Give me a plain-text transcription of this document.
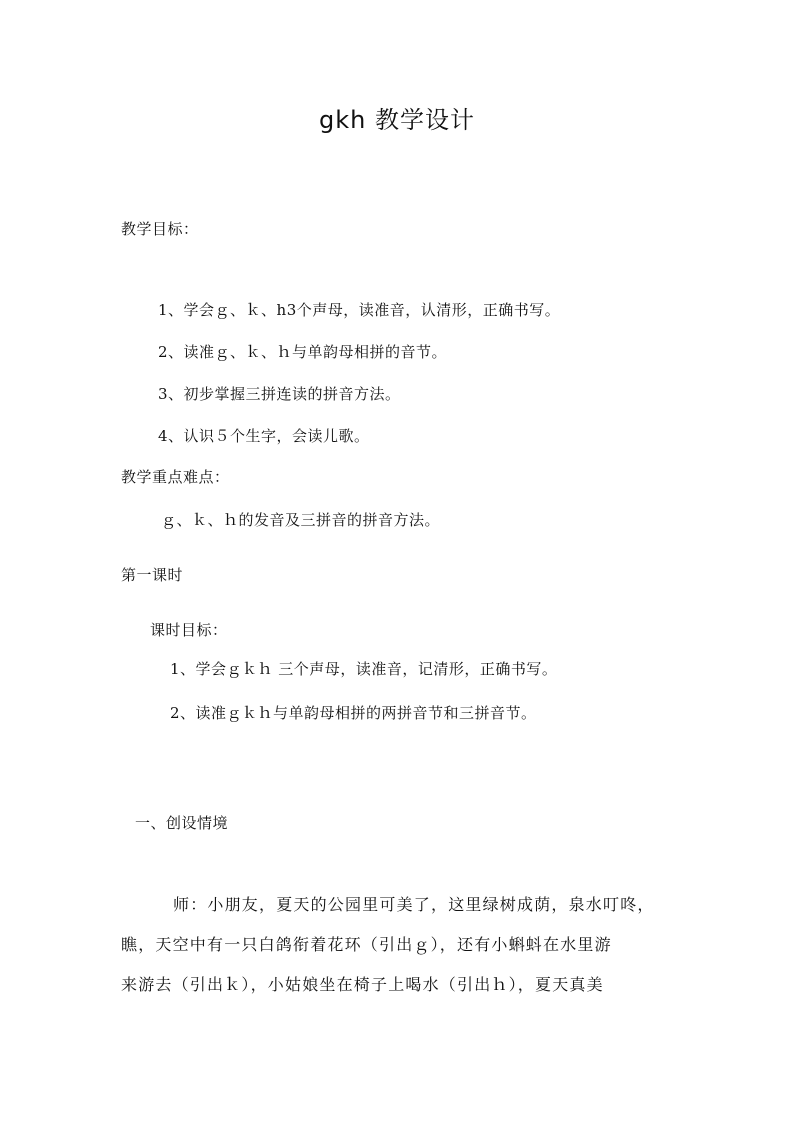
gkh 教学设计
教学目标：
1、学会ｇ、ｋ、h3个声母，读准音，认清形，正确书写。
2、读准ｇ、ｋ、ｈ与单韵母相拼的音节。
3、初步掌握三拼连读的拼音方法。
4、认识５个生字，会读儿歌。
教学重点难点：
ｇ、ｋ、ｈ的发音及三拼音的拼音方法。
第一课时
课时目标：
1、学会ｇｋｈ 三个声母，读准音，记清形，正确书写。
2、读准ｇｋｈ与单韵母相拼的两拼音节和三拼音节。
一、创设情境
师：小朋友，夏天的公园里可美了，这里绿树成荫，泉水叮咚，
瞧，天空中有一只白鸽衔着花环（引出ｇ），还有小蝌蚪在水里游
来游去（引出ｋ），小姑娘坐在椅子上喝水（引出ｈ），夏天真美
